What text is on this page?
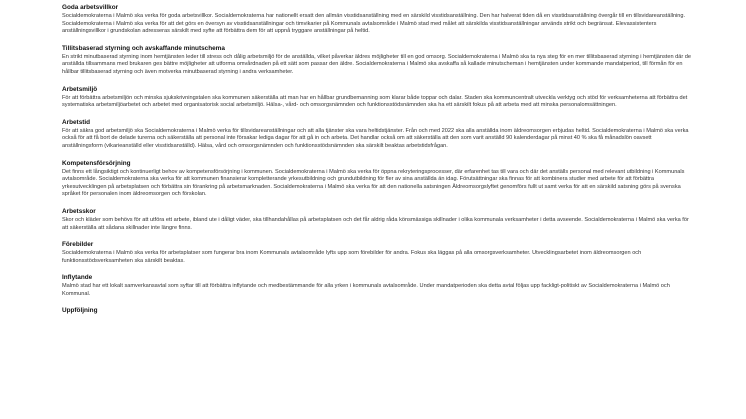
Goda arbetsvillkor

Socialdemokraterna i Malmö ska verka för goda arbetsvillkor. Socialdemokraterna har nationellt ersatt den allmän visstidsanställning med en särskild visstidsanställning. Den har halverat tiden då en visstidsanställning övergår till en tillsvidareanställning. Socialdemokraterna i Malmö ska verka för att det görs en översyn av visstidsanställningar och timvikarier på Kommunals avtalsområde i Malmö stad med målet att särskilda visstidsanställningar används strikt och begränsat. Elevassistenters anställningsvillkor i grundskolan adresseras särskilt med syfte att förbättra dem för att uppnå tryggare anställningar på heltid.

Tillitsbaserad styrning och avskaffande minutschema

En strikt minutbaserad styrning inom hemtjänsten leder till stress och dålig arbetsmiljö för de anställda, vilket påverkar äldres möjligheter till en god omsorg. Socialdemokraterna i Malmö ska ta nya steg för en mer tillitsbaserad styrning i hemtjänsten där de anställda tillsammans med brukaren ges bättre möjligheter att utforma omvårdnaden på ett sätt som passar den äldre. Socialdemokraterna i Malmö ska avskaffa så kallade minutscheman i hemtjänsten under kommande mandatperiod, till förmån för en hållbar tillitsbaserad styrning och även motverka minutbaserad styrning i andra verksamheter.

Arbetsmiljö

För att förbättra arbetsmiljön och minska sjukskrivningstalen ska kommunen säkerställa att man har en hållbar grundbemanning som klarar både toppar och dalar. Staden ska kommuncentralt utveckla verktyg och stöd för verksamheterna att förbättra det systematiska arbetsmiljöarbetet och arbetet med organisatorisk social arbetsmiljö. Hälsa-, vård- och omsorgsnämnden och funktionsstödsnämnden ska ha ett särskilt fokus på att arbeta med att minska personalomsättningen.

Arbetstid

För att säkra god arbetsmiljö ska Socialdemokraterna i Malmö verka för tillsvidareanställningar och att alla tjänster ska vara heltidstjänster. Från och med 2022 ska alla anställda inom äldreomsorgen erbjudas heltid. Socialdemokraterna i Malmö ska verka också för att få bort de delade turerna och säkerställa att personal inte försakar lediga dagar för att gå in och arbeta. Det handlar också om att säkerställa att den som varit anställd 90 kalenderdagar på minst 40 % ska få månadslön oavsett anställningsform (vikarieanställd eller visstidsanställd). Hälsa, vård och omsorgsnämnden och funktionsstödsnämnden ska särskilt beaktas arbetstidsfrågan.

Kompetensförsörjning

Det finns ett långsiktigt och kontinuerligt behov av kompetensförsörjning i kommunen. Socialdemokraterna i Malmö ska verka för öppna rekryteringsprocesser, där erfarenhet tas till vara och där det anställs personal med relevant utbildning i Kommunals avtalsområde. Socialdemokraterna ska verka för att kommunen finansierar kompletterande yrkesutbildning och grundutbildning för fler av sina anställda än idag. Förutsättningar ska finnas för att kombinera studier med arbete för att förbättra yrkesutvecklingen på arbetsplatsen och förbättra sin förankring på arbetsmarknaden. Socialdemokraterna i Malmö ska verka för att den nationella satsningen Äldreomsorgslyftet genomförs fullt ut samt verka för att en särskild satsning görs på svenska språket för personalen inom äldreomsorgen och förskolan.

Arbetsskor

Skor och kläder som behövs för att utföra ett arbete, ibland ute i dåligt väder, ska tillhandahållas på arbetsplatsen och det får aldrig råda könsmässiga skillnader i olika kommunala verksamheter i detta avseende. Socialdemokraterna i Malmö ska verka för att säkerställa att sådana skillnader inte längre finns.

Förebilder

Socialdemokraterna i Malmö ska verka för arbetsplatser som fungerar bra inom Kommunals avtalsområde lyfts upp som förebilder för andra. Fokus ska läggas på alla omsorgsverksamheter. Utvecklingsarbetet inom äldreomsorgen och funktionsstödsverksamheten ska särskilt beaktas.

Inflytande

Malmö stad har ett lokalt samverkansavtal som syftar till att förbättra inflytande och medbestämmande för alla yrken i kommunals avtalsområde. Under mandatperioden ska detta avtal följas upp fackligt-politiskt av Socialdemokraterna i Malmö och Kommunal.

Uppföljning
